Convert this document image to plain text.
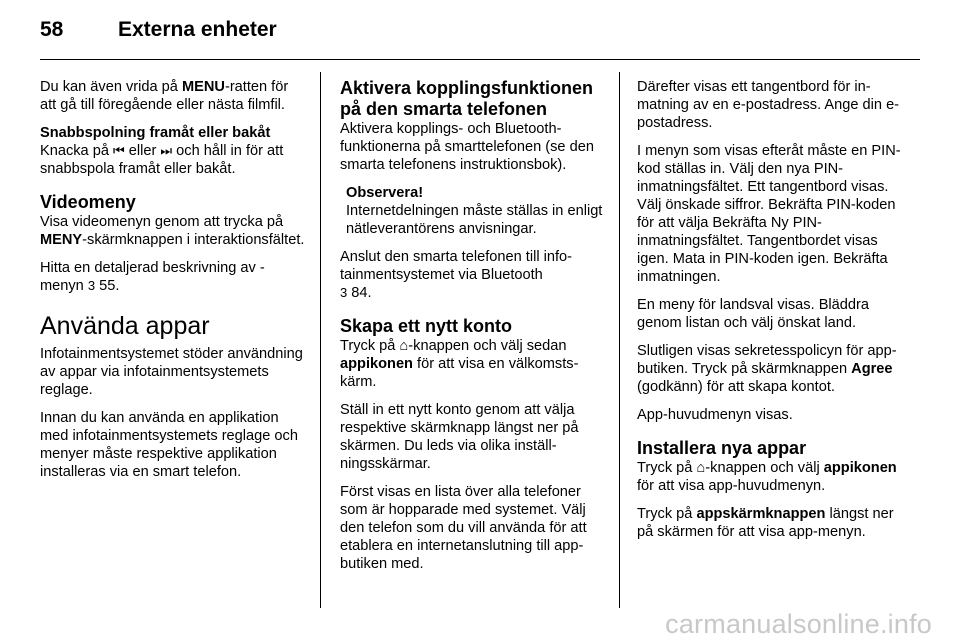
58	Externa enheter

Du kan även vrida på MENU-ratten för att gå till föregående eller nästa filmfil.

Snabbspolning framåt eller bakåt

Knacka på ⏮ eller ⏭ och håll in för att snabbspola framåt eller bakåt.

Videomeny

Visa videomenyn genom att trycka på MENY-skärmknappen i interaktionsfältet.

Hitta en detaljerad beskrivning av - menyn 3 55.

Använda appar

Infotainmentsystemet stöder användning av appar via infotainmentsystemets reglage.

Innan du kan använda en applikation med infotainmentsystemets reglage och menyer måste respektive applikation installeras via en smart telefon.

Aktivera kopplingsfunktionen på den smarta telefonen

Aktivera kopplings- och Bluetooth-funktionerna på smarttelefonen (se den smarta telefonens instruktionsbok).

Observera!
Internetdelningen måste ställas in enligt nätleverantörens anvisningar.

Anslut den smarta telefonen till infotainmentsystemet via Bluetooth
3 84.

Skapa ett nytt konto

Tryck på ⌂-knappen och välj sedan appikonen för att visa en välkomstskärm.

Ställ in ett nytt konto genom att välja respektive skärmknapp längst ner på skärmen. Du leds via olika inställningsskärmar.

Först visas en lista över alla telefoner som är hopparade med systemet. Välj den telefon som du vill använda för att etablera en internetanslutning till app-butiken med.

Därefter visas ett tangentbord för inmatning av en e-postadress. Ange din e-postadress.

I menyn som visas efteråt måste en PIN-kod ställas in. Välj den nya PIN-inmatningsfältet. Ett tangentbord visas. Välj önskade siffror. Bekräfta PIN-koden för att välja Bekräfta Ny PIN-inmatningsfältet. Tangentbordet visas igen. Mata in PIN-koden igen. Bekräfta inmatningen.

En meny för landsval visas. Bläddra genom listan och välj önskat land.

Slutligen visas sekretesspolicyn för app-butiken. Tryck på skärmknappen Agree (godkänn) för att skapa kontot.

App-huvudmenyn visas.

Installera nya appar

Tryck på ⌂-knappen och välj appikonen för att visa app-huvudmenyn.

Tryck på appskärmknappen längst ner på skärmen för att visa app-menyn.

carmanualsonline.info
